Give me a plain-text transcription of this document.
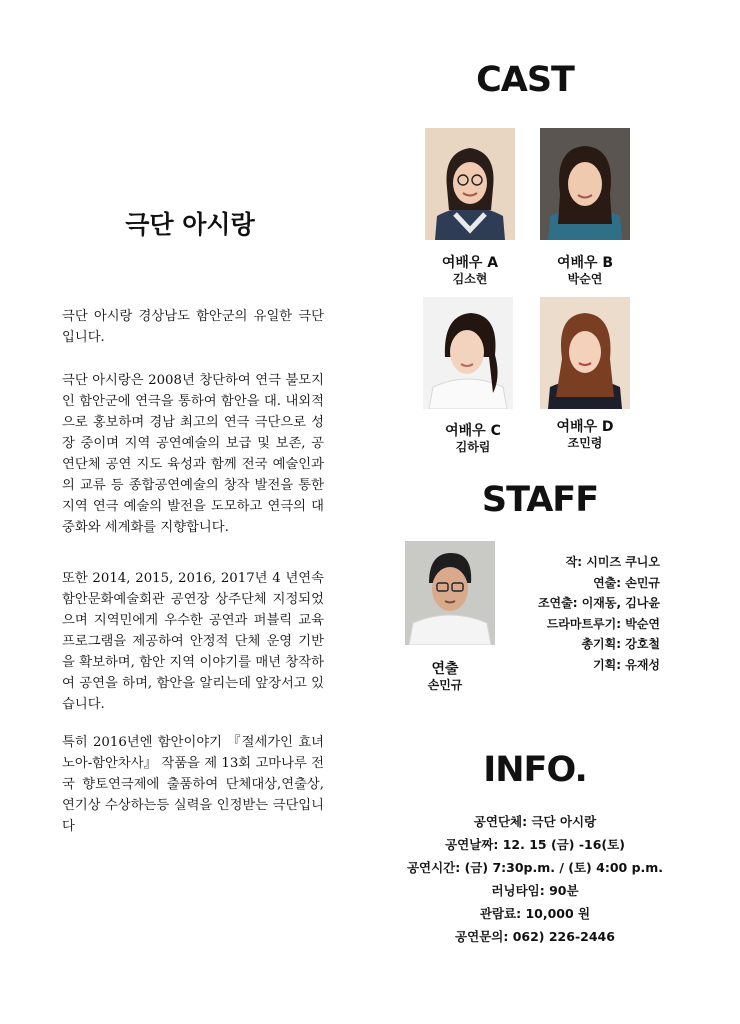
극단 아시랑

극단 아시랑 경상남도 함안군의 유일한 극단입니다.

극단 아시랑은 2008년 창단하여 연극 불모지인 함안군에 연극을 통하여 함안을 대. 내외적으로 홍보하며 경남 최고의 연극 극단으로 성장 중이며 지역 공연예술의 보급 및 보존, 공연단체 공연 지도 육성과 함께 전국 예술인과의 교류 등 종합공연예술의 창작 발전을 통한 지역 연극 예술의 발전을 도모하고 연극의 대중화와 세계화를 지향합니다.

또한 2014, 2015, 2016, 2017년 4 년연속 함안문화예술회관 공연장 상주단체 지정되었으며 지역민에게 우수한 공연과 퍼블릭 교육 프로그램을 제공하여 안정적 단체 운영 기반을 확보하며, 함안 지역 이야기를 매년 창작하여 공연을 하며, 함안을 알리는데 앞장서고 있습니다.

특히 2016년엔 함안이야기 『절세가인 효녀노아-함안차사』 작품을 제 13회 고마나루 전국 향토연극제에 출품하여 단체대상,연출상,연기상 수상하는등 실력을 인정받는 극단입니다

CAST
여배우 A
김소현
여배우 B
박순연
여배우 C
김하림
여배우 D
조민령
STAFF
연출
손민규
작: 시미즈 쿠니오
연출: 손민규
조연출: 이재동, 김나윤
드라마트루기: 박순연
총기획: 강호철
기획: 유재성
INFO.
공연단체: 극단 아시랑
공연날짜: 12. 15 (금) -16(토)
공연시간: (금) 7:30p.m. / (토) 4:00 p.m.
러닝타임: 90분
관람료: 10,000 원
공연문의: 062) 226-2446
